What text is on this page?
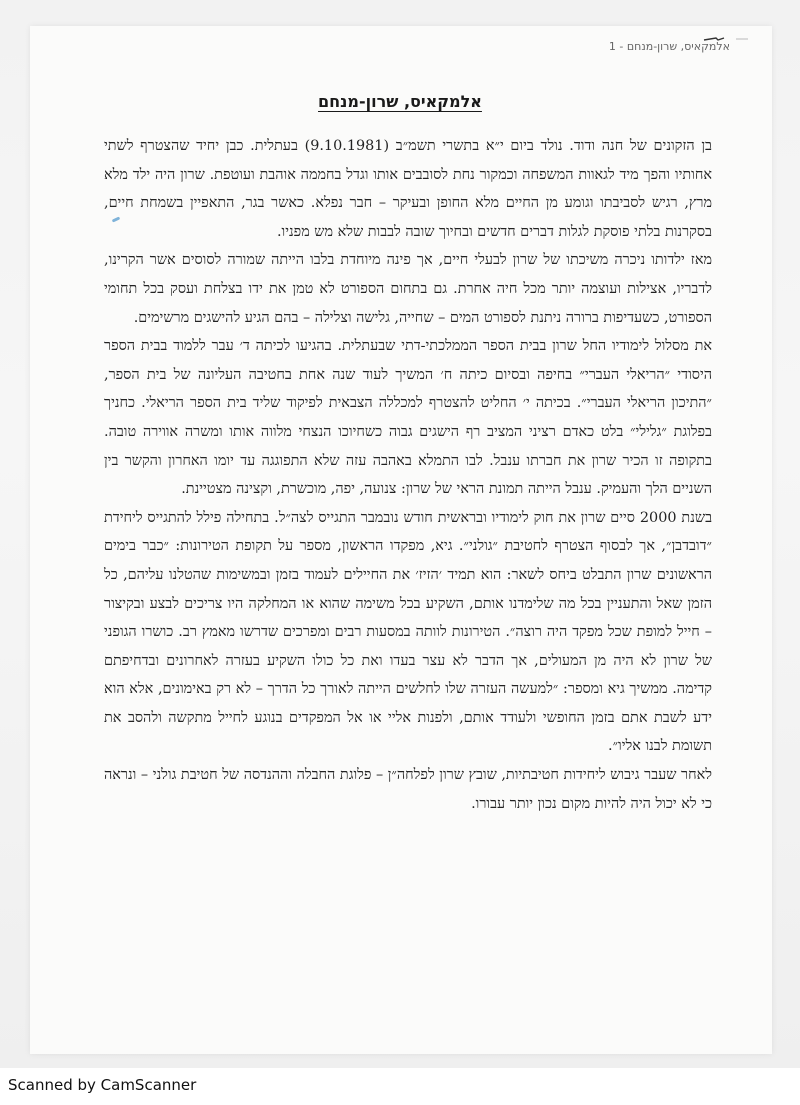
אלמקאיס, שרון-מנחם - 1
אלמקאיס, שרון-מנחם

בן הזקונים של חנה ודוד. נולד ביום י״א בתשרי תשמ״ב (9.10.1981) בעתלית. כבן יחיד שהצטרף לשתי אחותיו והפך מיד לגאוות המשפחה וכמקור נחת לסובבים אותו וגדל בחממה אוהבת ועוטפת. שרון היה ילד מלא מרץ, רגיש לסביבתו וגומע מן החיים מלא החופן ובעיקר – חבר נפלא. כאשר בגר, התאפיין בשמחת חיים, בסקרנות בלתי פוסקת לגלות דברים חדשים ובחיוך שובה לבבות שלא מש מפניו.

מאז ילדותו ניכרה משיכתו של שרון לבעלי חיים, אך פינה מיוחדת בלבו הייתה שמורה לסוסים אשר הקרינו, לדבריו, אצילות ועוצמה יותר מכל חיה אחרת. גם בתחום הספורט לא טמן את ידו בצלחת ועסק בכל תחומי הספורט, כשעדיפות ברורה ניתנת לספורט המים – שחייה, גלישה וצלילה – בהם הגיע להישגים מרשימים.

את מסלול לימודיו החל שרון בבית הספר הממלכתי-דתי שבעתלית. בהגיעו לכיתה ד׳ עבר ללמוד בבית הספר היסודי ״הריאלי העברי״ בחיפה ובסיום כיתה ח׳ המשיך לעוד שנה אחת בחטיבה העליונה של בית הספר, ״התיכון הריאלי העברי״. בכיתה י׳ החליט להצטרף למכללה הצבאית לפיקוד שליד בית הספר הריאלי. כחניך בפלוגת ״גלילי״ בלט כאדם רציני המציב רף הישגים גבוה כשחיוכו הנצחי מלווה אותו ומשרה אווירה טובה. בתקופה זו הכיר שרון את חברתו ענבל. לבו התמלא באהבה עזה שלא התפוגגה עד יומו האחרון והקשר בין השניים הלך והעמיק. ענבל הייתה תמונת הראי של שרון: צנועה, יפה, מוכשרת, וקצינה מצטיינת.

בשנת 2000 סיים שרון את חוק לימודיו ובראשית חודש נובמבר התגייס לצה״ל. בתחילה פילל להתגייס ליחידת ״דובדבן״, אך לבסוף הצטרף לחטיבת ״גולני״. גיא, מפקדו הראשון, מספר על תקופת הטירונות: ״כבר בימים הראשונים שרון התבלט ביחס לשאר: הוא תמיד ׳הזיז׳ את החיילים לעמוד בזמן ובמשימות שהטלנו עליהם, כל הזמן שאל והתעניין בכל מה שלימדנו אותם, השקיע בכל משימה שהוא או המחלקה היו צריכים לבצע ובקיצור – חייל למופת שכל מפקד היה רוצה״. הטירונות לוותה במסעות רבים ומפרכים שדרשו מאמץ רב. כושרו הגופני של שרון לא היה מן המעולים, אך הדבר לא עצר בעדו ואת כל כולו השקיע בעזרה לאחרונים ובדחיפתם קדימה. ממשיך גיא ומספר: ״למעשה העזרה שלו לחלשים הייתה לאורך כל הדרך – לא רק באימונים, אלא הוא ידע לשבת אתם בזמן החופשי ולעודד אותם, ולפנות אליי או אל המפקדים בנוגע לחייל מתקשה ולהסב את תשומת לבנו אליו״.

לאחר שעבר גיבוש ליחידות חטיבתיות, שובץ שרון לפלחה״ן – פלוגת החבלה וההנדסה של חטיבת גולני – ונראה כי לא יכול היה להיות מקום נכון יותר עבורו.

Scanned by CamScanner
